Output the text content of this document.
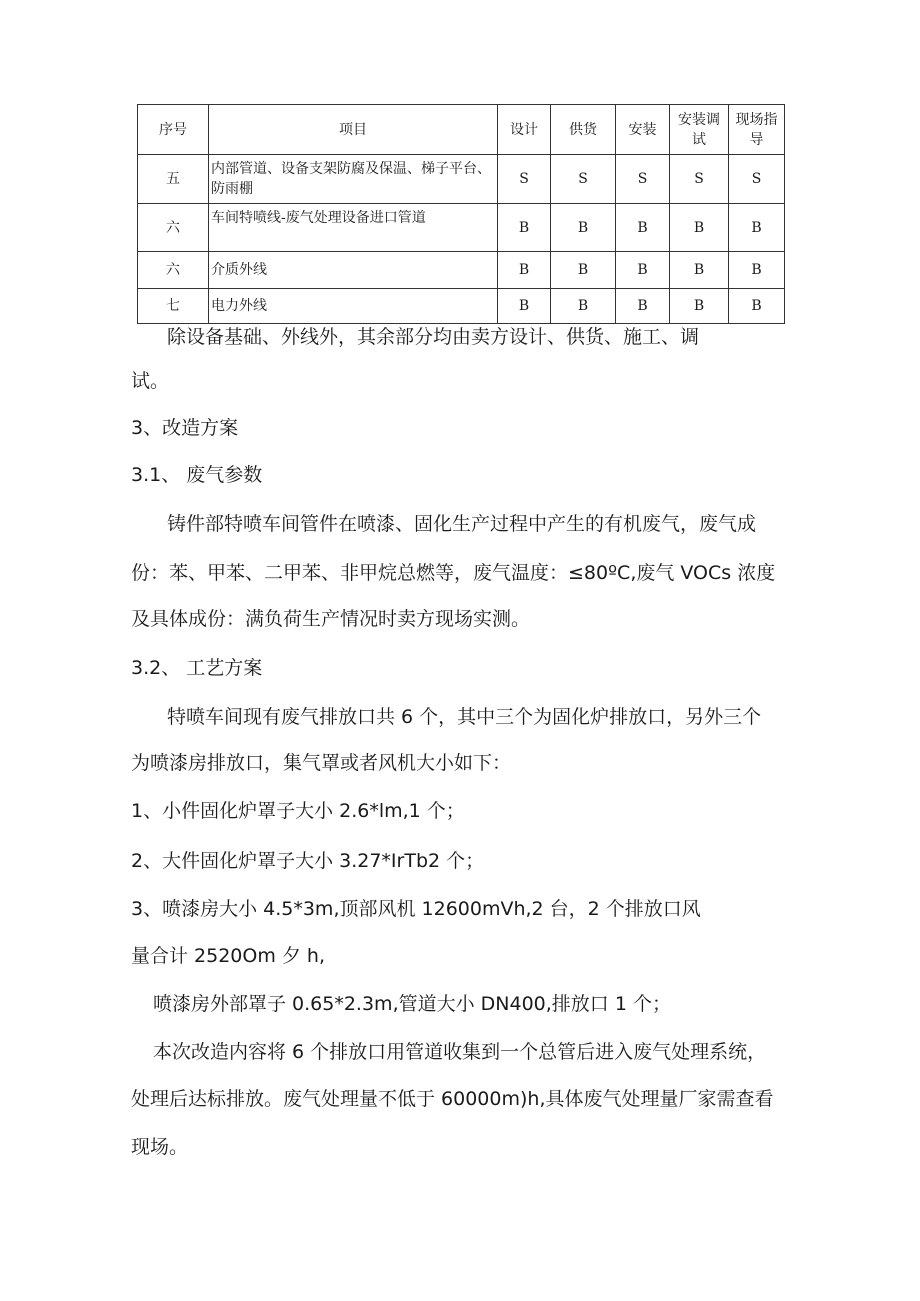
序号	项目	设计	供货	安装	安装调试	现场指导
五	内部管道、设备支架防腐及保温、梯子平台、防雨棚	S	S	S	S	S
六	车间特喷线-废气处理设备进口管道	B	B	B	B	B
六	介质外线	B	B	B	B	B
七	电力外线	B	B	B	B	B
除设备基础、外线外，其余部分均由卖方设计、供货、施工、调
试。
3、改造方案
3.1、 废气参数
铸件部特喷车间管件在喷漆、固化生产过程中产生的有机废气，废气成
份：苯、甲苯、二甲苯、非甲烷总燃等，废气温度：≤80ºC,废气 VOCs 浓度
及具体成份：满负荷生产情况时卖方现场实测。
3.2、 工艺方案
特喷车间现有废气排放口共 6 个，其中三个为固化炉排放口，另外三个
为喷漆房排放口，集气罩或者风机大小如下：
1、小件固化炉罩子大小 2.6*lm,1 个；
2、大件固化炉罩子大小 3.27*IrTb2 个；
3、喷漆房大小 4.5*3m,顶部风机 12600mVh,2 台，2 个排放口风
量合计 2520Om 夕 h,
喷漆房外部罩子 0.65*2.3m,管道大小 DN400,排放口 1 个；
本次改造内容将 6 个排放口用管道收集到一个总管后进入废气处理系统，
处理后达标排放。废气处理量不低于 60000m)h,具体废气处理量厂家需查看
现场。
